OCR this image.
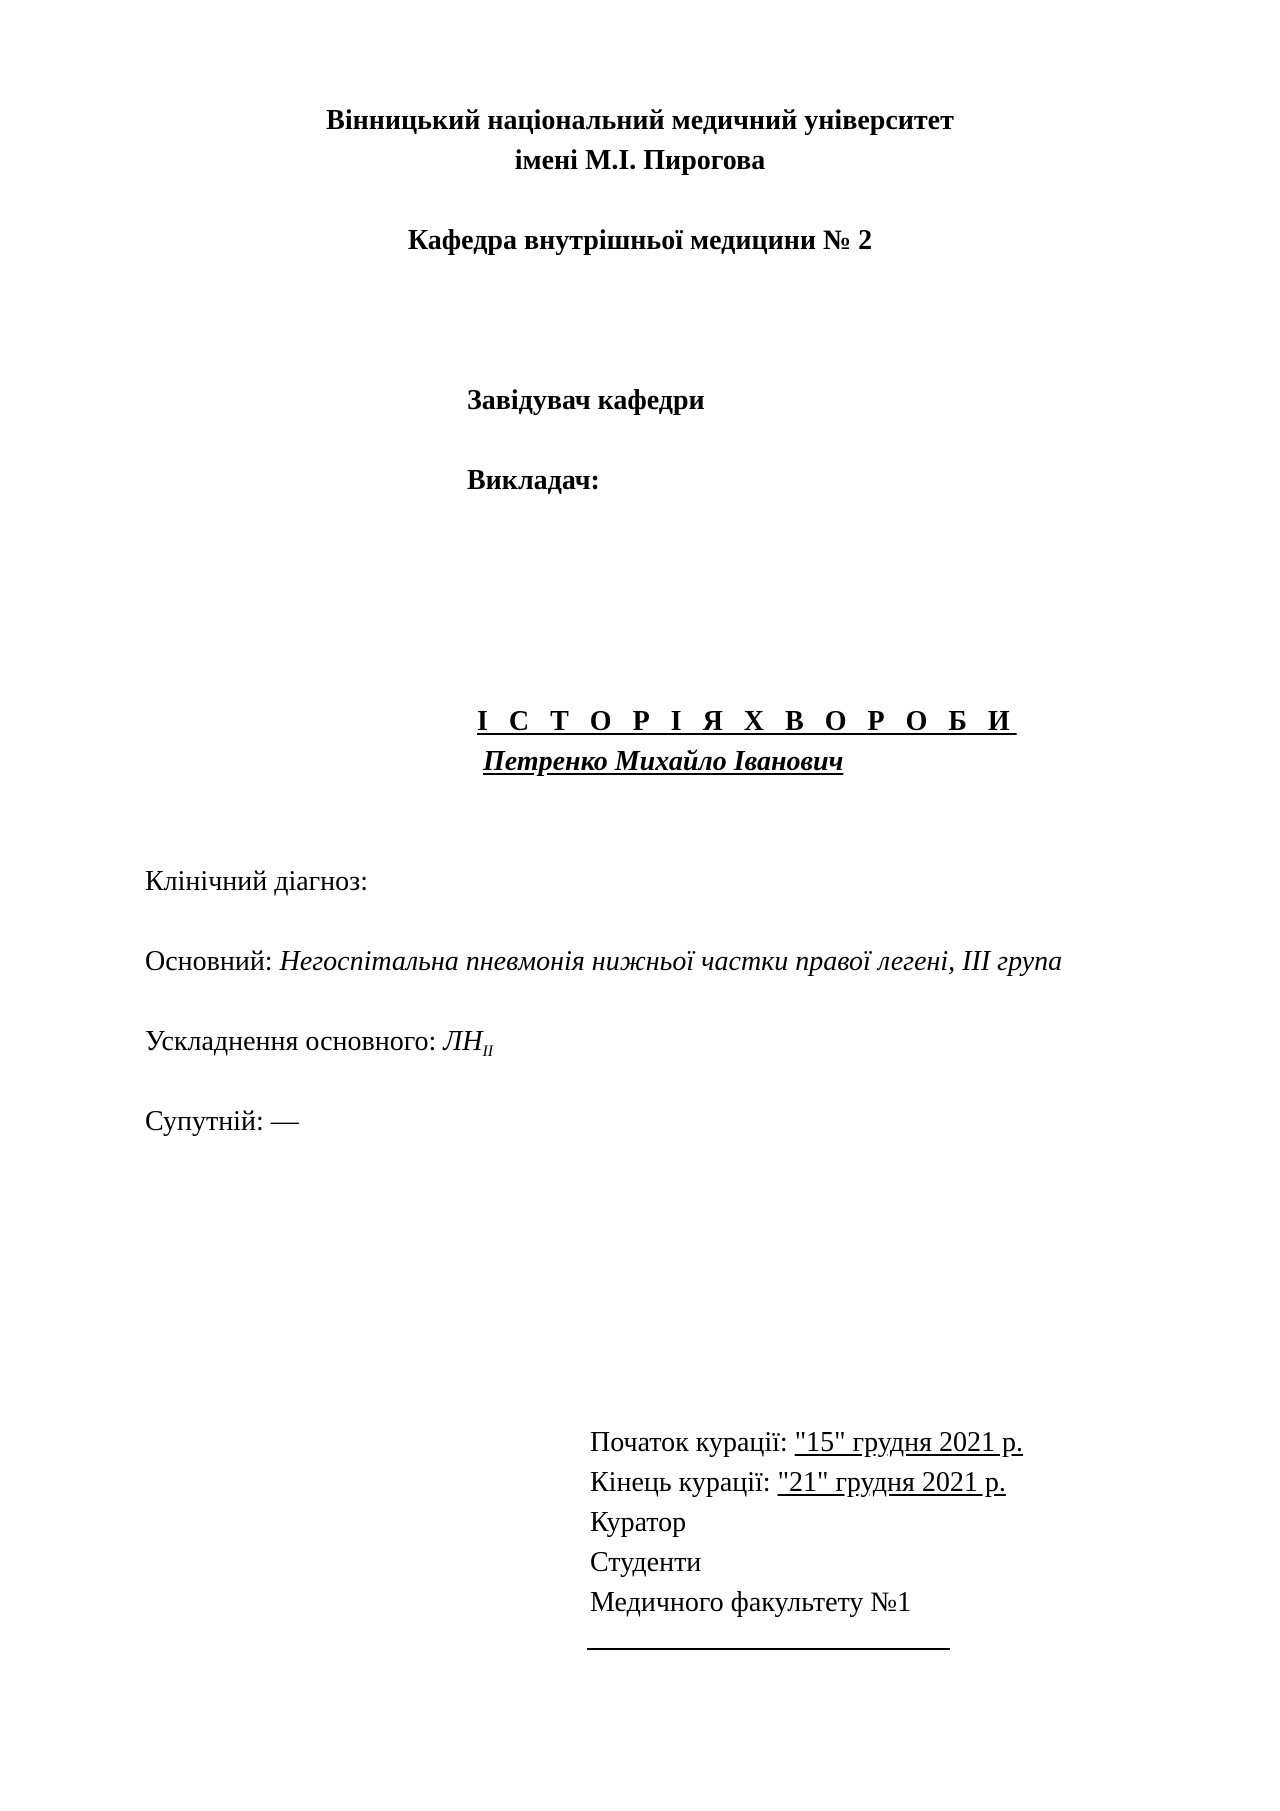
Вінницький національний медичний університет
імені М.І. Пирогова
Кафедра внутрішньої медицини № 2
Завідувач кафедри
Викладач:
І С Т О Р І Я Х В О Р О Б И
Петренко Михайло Іванович
Клінічний діагноз:
Основний: Негоспітальна пневмонія нижньої частки правої легені, ІІІ група
Ускладнення основного: $ЛН_{ІІ}$
Супутній: —
Початок курації: "15" грудня 2021 р.
Кінець курації: "21" грудня 2021 р.
Куратор
Студенти
Медичного факультету №1
